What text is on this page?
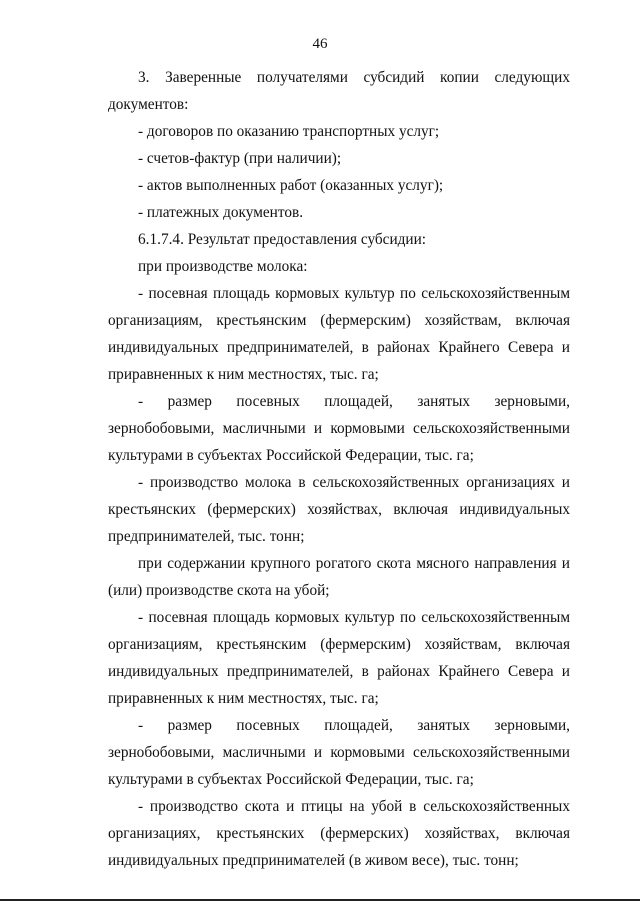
46

3. Заверенные получателями субсидий копии следующих документов:

- договоров по оказанию транспортных услуг;

- счетов-фактур (при наличии);

- актов выполненных работ (оказанных услуг);

- платежных документов.

6.1.7.4. Результат предоставления субсидии:

при производстве молока:

- посевная площадь кормовых культур по сельскохозяйственным организациям, крестьянским (фермерским) хозяйствам, включая индивидуальных предпринимателей, в районах Крайнего Севера и приравненных к ним местностях, тыс. га;

- размер посевных площадей, занятых зерновыми, зернобобовыми, масличными и кормовыми сельскохозяйственными культурами в субъектах Российской Федерации, тыс. га;

- производство молока в сельскохозяйственных организациях и крестьянских (фермерских) хозяйствах, включая индивидуальных предпринимателей, тыс. тонн;

при содержании крупного рогатого скота мясного направления и (или) производстве скота на убой;

- посевная площадь кормовых культур по сельскохозяйственным организациям, крестьянским (фермерским) хозяйствам, включая индивидуальных предпринимателей, в районах Крайнего Севера и приравненных к ним местностях, тыс. га;

- размер посевных площадей, занятых зерновыми, зернобобовыми, масличными и кормовыми сельскохозяйственными культурами в субъектах Российской Федерации, тыс. га;

- производство скота и птицы на убой в сельскохозяйственных организациях, крестьянских (фермерских) хозяйствах, включая индивидуальных предпринимателей (в живом весе), тыс. тонн;
